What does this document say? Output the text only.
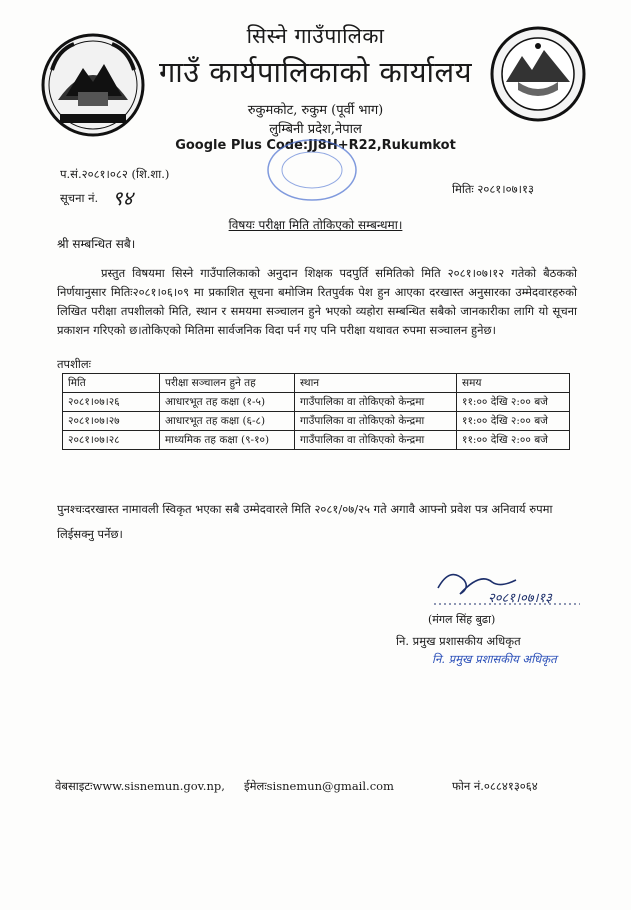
सिस्ने गाउँपालिका
गाउँ कार्यपालिकाको कार्यालय
रुकुमकोट, रुकुम (पूर्वी भाग)
लुम्बिनी प्रदेश,नेपाल
Google Plus Code:JJ8H+R22,Rukumkot
प.सं.२०८१।०८२ (शि.शा.)
सूचना नं. ९४	मितिः २०८१।०७।१३
विषयः परीक्षा मिति तोकिएको सम्बन्धमा।
श्री सम्बन्धित सबै।
प्रस्तुत विषयमा सिस्ने गाउँपालिकाको अनुदान शिक्षक पदपुर्ति समितिको मिति २०८१।०७।१२ गतेको बैठकको निर्णयानुसार मितिः२०८१।०६।०९ मा प्रकाशित सूचना बमोजिम रितपुर्वक पेश हुन आएका दरखास्त अनुसारका उम्मेदवारहरुको लिखित परीक्षा तपशीलको मिति, स्थान र समयमा सञ्चालन हुने भएको व्यहोरा सम्बन्धित सबैको जानकारीका लागि यो सूचना प्रकाशन गरिएको छ।तोकिएको मितिमा सार्वजनिक विदा पर्न गए पनि परीक्षा यथावत रुपमा सञ्चालन हुनेछ।
तपशीलः
मिति	परीक्षा सञ्चालन हुने तह	स्थान	समय
२०८१।०७।२६	आधारभूत तह कक्षा (१-५)	गाउँपालिका वा तोकिएको केन्द्रमा	११:०० देखि २:०० बजे
२०८१।०७।२७	आधारभूत तह कक्षा (६-८)	गाउँपालिका वा तोकिएको केन्द्रमा	११:०० देखि २:०० बजे
२०८१।०७।२८	माध्यमिक तह कक्षा (९-१०)	गाउँपालिका वा तोकिएको केन्द्रमा	११:०० देखि २:०० बजे
पुनश्चःदरखास्त नामावली स्विकृत भएका सबै उम्मेदवारले मिति २०८१/०७/२५ गते अगावै आफ्नो प्रवेश पत्र अनिवार्य रुपमा लिईसक्नु पर्नेछ।
२०८१।०७।१३
(मंगल सिंह बुढा)
नि. प्रमुख प्रशासकीय अधिकृत
नि. प्रमुख प्रशासकीय अधिकृत
वेबसाइटःwww.sisnemun.gov.np, ईमेलःsisnemun@gmail.com	फोन नं.०८८४१३०६४
